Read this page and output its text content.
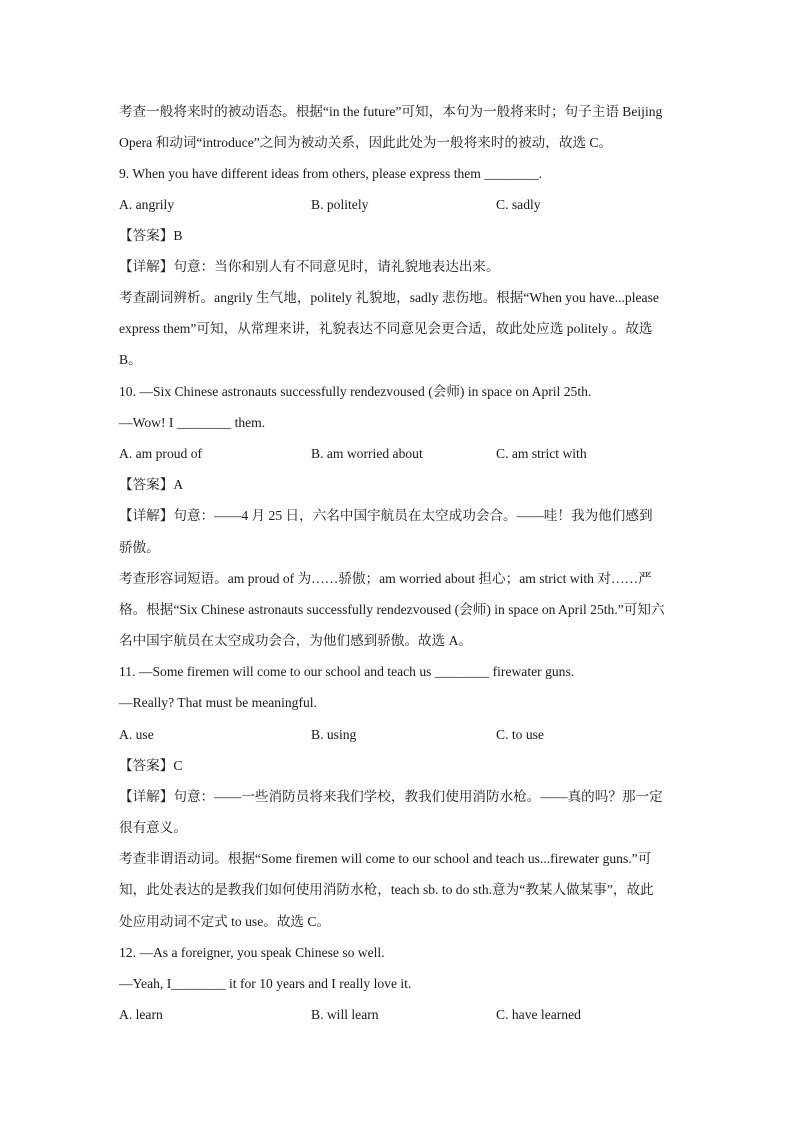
考查一般将来时的被动语态。根据“in the future”可知，本句为一般将来时；句子主语 Beijing
Opera 和动词“introduce”之间为被动关系，因此此处为一般将来时的被动，故选 C。
9. When you have different ideas from others, please express them ________.
A. angrily	B. politely	C. sadly
【答案】B
【详解】句意：当你和别人有不同意见时，请礼貌地表达出来。
考查副词辨析。angrily 生气地，politely 礼貌地，sadly 悲伤地。根据“When you have...please
express them”可知，从常理来讲，礼貌表达不同意见会更合适，故此处应选 politely 。故选
B。
10. —Six Chinese astronauts successfully rendezvoused (会师) in space on April 25th.
—Wow! I ________ them.
A. am proud of	B. am worried about	C. am strict with
【答案】A
【详解】句意：——4 月 25 日，六名中国宇航员在太空成功会合。——哇！我为他们感到
骄傲。
考查形容词短语。am proud of 为……骄傲；am worried about 担心；am strict with 对……严
格。根据“Six Chinese astronauts successfully rendezvoused (会师) in space on April 25th.”可知六
名中国宇航员在太空成功会合，为他们感到骄傲。故选 A。
11. —Some firemen will come to our school and teach us ________ firewater guns.
—Really? That must be meaningful.
A. use	B. using	C. to use
【答案】C
【详解】句意：——一些消防员将来我们学校，教我们使用消防水枪。——真的吗？那一定
很有意义。
考查非谓语动词。根据“Some firemen will come to our school and teach us...firewater guns.”可
知，此处表达的是教我们如何使用消防水枪，teach sb. to do sth.意为“教某人做某事”，故此
处应用动词不定式 to use。故选 C。
12. —As a foreigner, you speak Chinese so well.
—Yeah, I________ it for 10 years and I really love it.
A. learn	B. will learn	C. have learned
